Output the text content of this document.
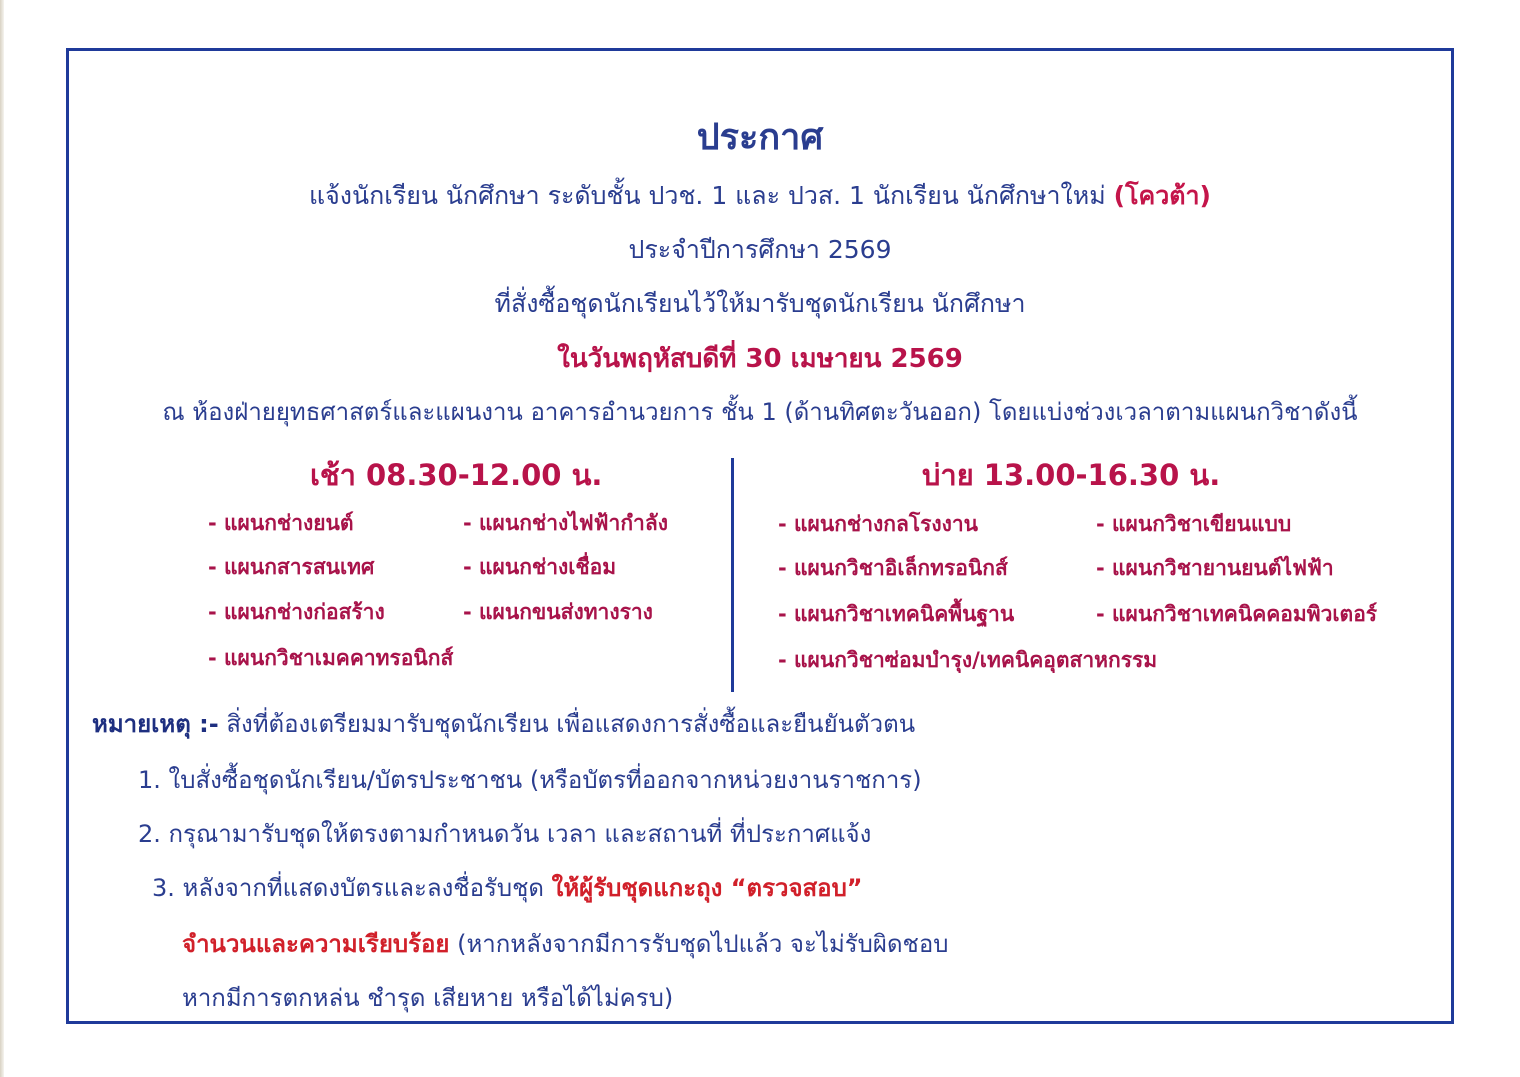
ประกาศ
แจ้งนักเรียน นักศึกษา ระดับชั้น ปวช. 1 และ ปวส. 1 นักเรียน นักศึกษาใหม่ (โควต้า)
ประจำปีการศึกษา 2569
ที่สั่งซื้อชุดนักเรียนไว้ให้มารับชุดนักเรียน นักศึกษา
ในวันพฤหัสบดีที่ 30 เมษายน 2569
ณ ห้องฝ่ายยุทธศาสตร์และแผนงาน อาคารอำนวยการ ชั้น 1 (ด้านทิศตะวันออก) โดยแบ่งช่วงเวลาตามแผนกวิชาดังนี้
เช้า 08.30-12.00 น.	บ่าย 13.00-16.30 น.
- แผนกช่างยนต์
- แผนกสารสนเทศ
- แผนกช่างก่อสร้าง
- แผนกวิชาเมคคาทรอนิกส์
- แผนกช่างไฟฟ้ากำลัง
- แผนกช่างเชื่อม
- แผนกขนส่งทางราง
- แผนกช่างกลโรงงาน
- แผนกวิชาอิเล็กทรอนิกส์
- แผนกวิชาเทคนิคพื้นฐาน
- แผนกวิชาซ่อมบำรุง/เทคนิคอุตสาหกรรม
- แผนกวิชาเขียนแบบ
- แผนกวิชายานยนต์ไฟฟ้า
- แผนกวิชาเทคนิคคอมพิวเตอร์
หมายเหตุ :- สิ่งที่ต้องเตรียมมารับชุดนักเรียน เพื่อแสดงการสั่งซื้อและยืนยันตัวตน
1. ใบสั่งซื้อชุดนักเรียน/บัตรประชาชน (หรือบัตรที่ออกจากหน่วยงานราชการ)
2. กรุณามารับชุดให้ตรงตามกำหนดวัน เวลา และสถานที่ ที่ประกาศแจ้ง
3. หลังจากที่แสดงบัตรและลงชื่อรับชุด ให้ผู้รับชุดแกะถุง “ตรวจสอบ”
จำนวนและความเรียบร้อย (หากหลังจากมีการรับชุดไปแล้ว จะไม่รับผิดชอบ
หากมีการตกหล่น ชำรุด เสียหาย หรือได้ไม่ครบ)
